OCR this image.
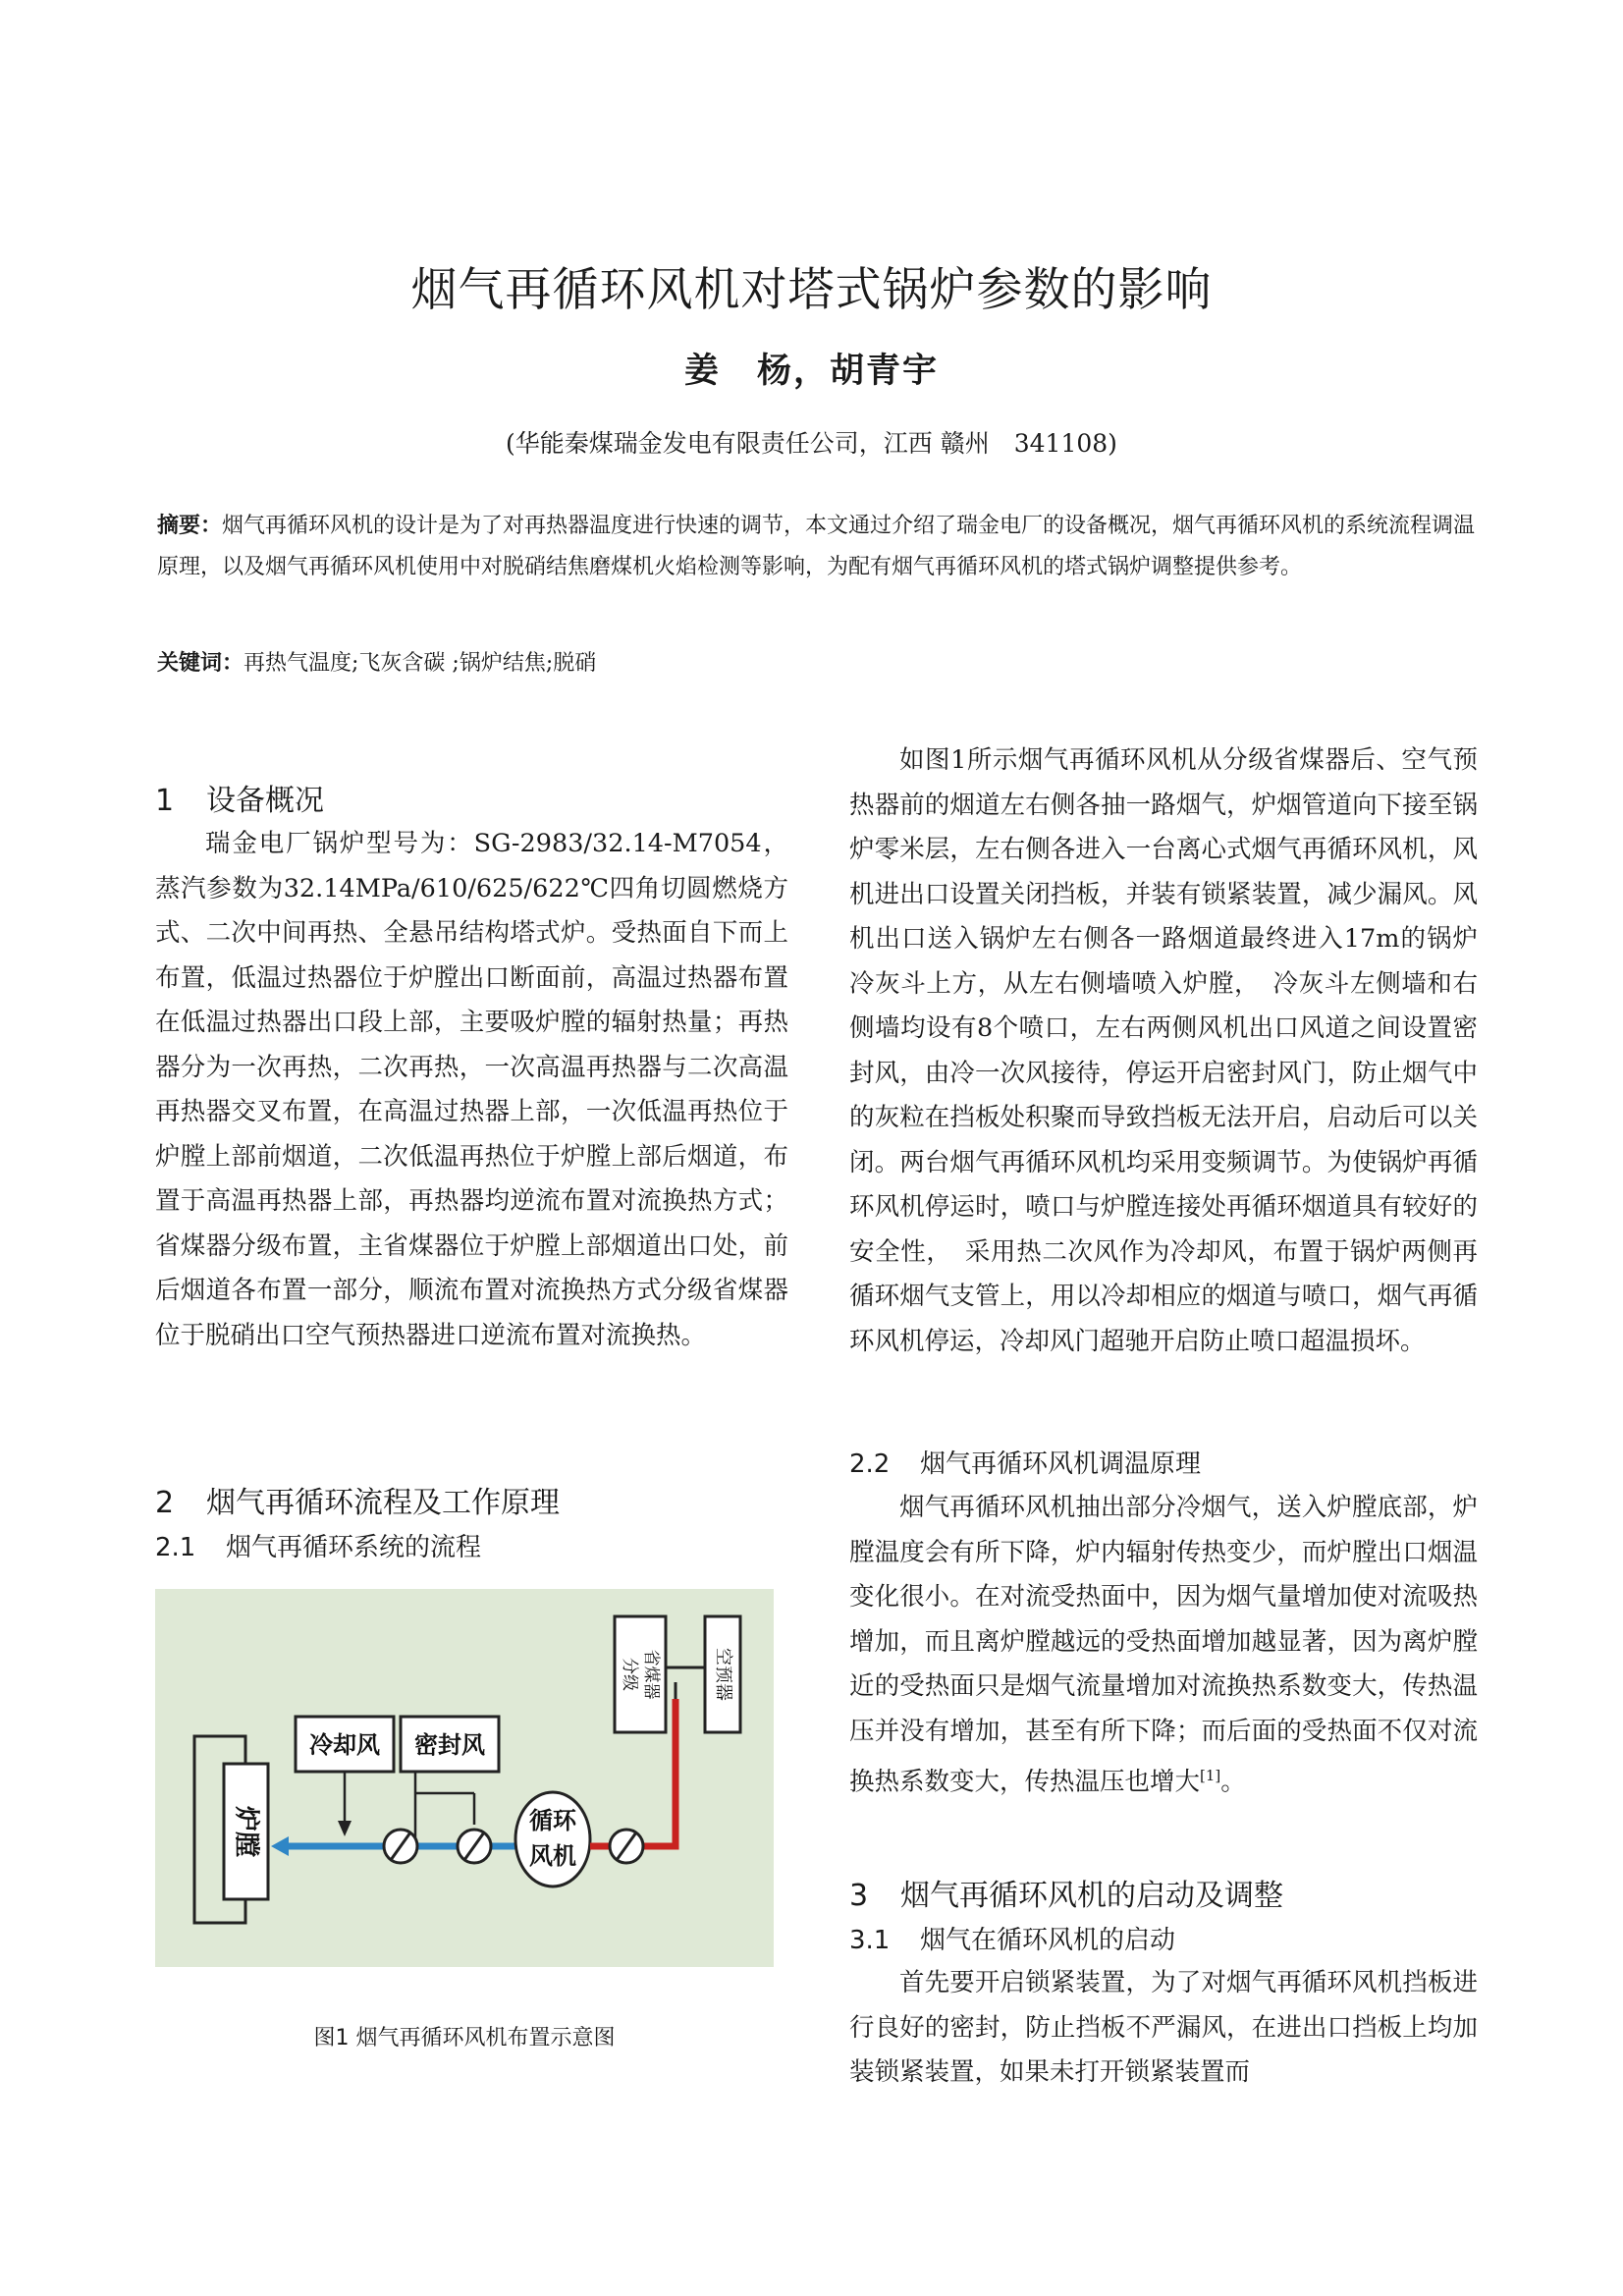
烟气再循环风机对塔式锅炉参数的影响
姜　杨，胡青宇
(华能秦煤瑞金发电有限责任公司，江西 赣州　341108)
摘要：烟气再循环风机的设计是为了对再热器温度进行快速的调节，本文通过介绍了瑞金电厂的设备概况，烟气再循环风机的系统流程调温原理，以及烟气再循环风机使用中对脱硝结焦磨煤机火焰检测等影响，为配有烟气再循环风机的塔式锅炉调整提供参考。
关键词：再热气温度;飞灰含碳 ;锅炉结焦;脱硝
1 设备概况

瑞金电厂锅炉型号为：SG-2983/32.14-M7054，蒸汽参数为32.14MPa/610/625/622℃四角切圆燃烧方式、二次中间再热、全悬吊结构塔式炉。受热面自下而上布置，低温过热器位于炉膛出口断面前，高温过热器布置在低温过热器出口段上部，主要吸炉膛的辐射热量；再热器分为一次再热，二次再热，一次高温再热器与二次高温再热器交叉布置，在高温过热器上部，一次低温再热位于炉膛上部前烟道，二次低温再热位于炉膛上部后烟道，布置于高温再热器上部，再热器均逆流布置对流换热方式；省煤器分级布置，主省煤器位于炉膛上部烟道出口处，前后烟道各布置一部分，顺流布置对流换热方式分级省煤器位于脱硝出口空气预热器进口逆流布置对流换热。

2 烟气再循环流程及工作原理
2.1 烟气再循环系统的流程
炉膛
冷却风 密封风
循环
风机
分级 省煤器	空预器
图1 烟气再循环风机布置示意图

如图1所示烟气再循环风机从分级省煤器后、空气预热器前的烟道左右侧各抽一路烟气，炉烟管道向下接至锅炉零米层，左右侧各进入一台离心式烟气再循环风机，风机进出口设置关闭挡板，并装有锁紧装置，减少漏风。风机出口送入锅炉左右侧各一路烟道最终进入17m的锅炉冷灰斗上方，从左右侧墙喷入炉膛，　冷灰斗左侧墙和右侧墙均设有8个喷口，左右两侧风机出口风道之间设置密封风，由冷一次风接待，停运开启密封风门，防止烟气中的灰粒在挡板处积聚而导致挡板无法开启，启动后可以关闭。两台烟气再循环风机均采用变频调节。为使锅炉再循环风机停运时，喷口与炉膛连接处再循环烟道具有较好的安全性，　采用热二次风作为冷却风，布置于锅炉两侧再循环烟气支管上，用以冷却相应的烟道与喷口，烟气再循环风机停运，冷却风门超驰开启防止喷口超温损坏。

2.2 烟气再循环风机调温原理

烟气再循环风机抽出部分冷烟气，送入炉膛底部，炉膛温度会有所下降，炉内辐射传热变少，而炉膛出口烟温变化很小。在对流受热面中，因为烟气量增加使对流吸热增加，而且离炉膛越远的受热面增加越显著，因为离炉膛近的受热面只是烟气流量增加对流换热系数变大，传热温压并没有增加，甚至有所下降；而后面的受热面不仅对流换热系数变大，传热温压也增大[1]。

3 烟气再循环风机的启动及调整
3.1 烟气在循环风机的启动

首先要开启锁紧装置，为了对烟气再循环风机挡板进行良好的密封，防止挡板不严漏风，在进出口挡板上均加装锁紧装置，如果未打开锁紧装置而
